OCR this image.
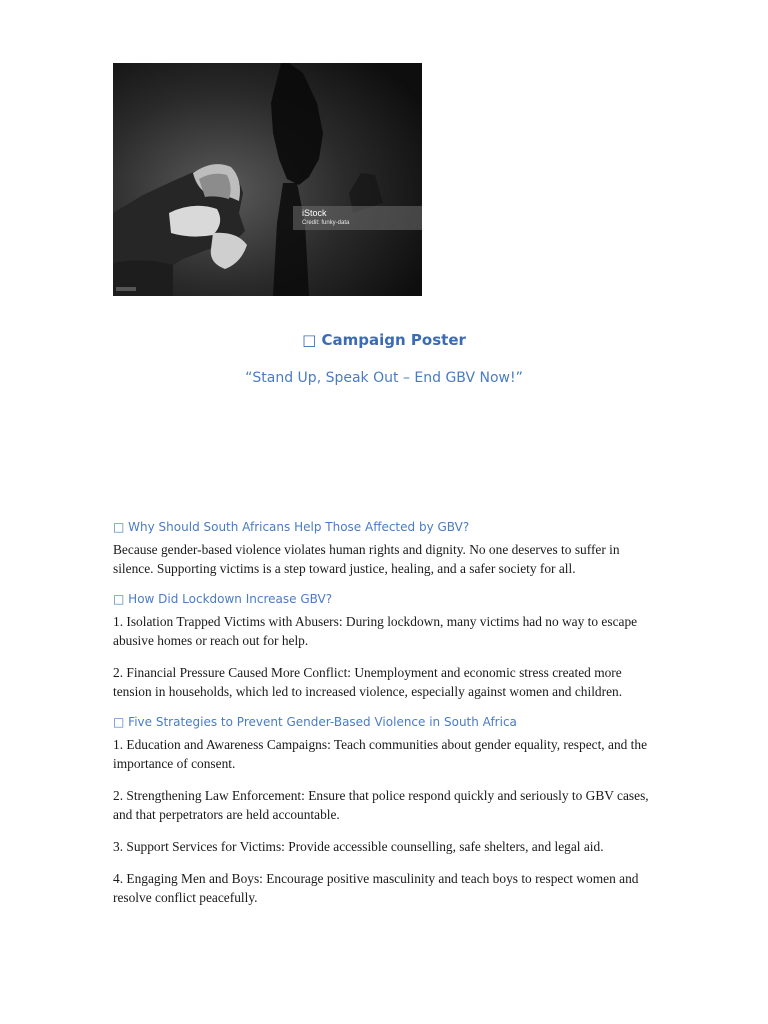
iStock
Credit: funky-data
□ Campaign Poster
“Stand Up, Speak Out – End GBV Now!”

□ Why Should South Africans Help Those Affected by GBV?

Because gender-based violence violates human rights and dignity. No one deserves to suffer in silence. Supporting victims is a step toward justice, healing, and a safer society for all.

□ How Did Lockdown Increase GBV?

1. Isolation Trapped Victims with Abusers: During lockdown, many victims had no way to escape abusive homes or reach out for help.

2. Financial Pressure Caused More Conflict: Unemployment and economic stress created more tension in households, which led to increased violence, especially against women and children.

□ Five Strategies to Prevent Gender-Based Violence in South Africa

1. Education and Awareness Campaigns: Teach communities about gender equality, respect, and the importance of consent.

2. Strengthening Law Enforcement: Ensure that police respond quickly and seriously to GBV cases, and that perpetrators are held accountable.

3. Support Services for Victims: Provide accessible counselling, safe shelters, and legal aid.

4. Engaging Men and Boys: Encourage positive masculinity and teach boys to respect women and resolve conflict peacefully.
